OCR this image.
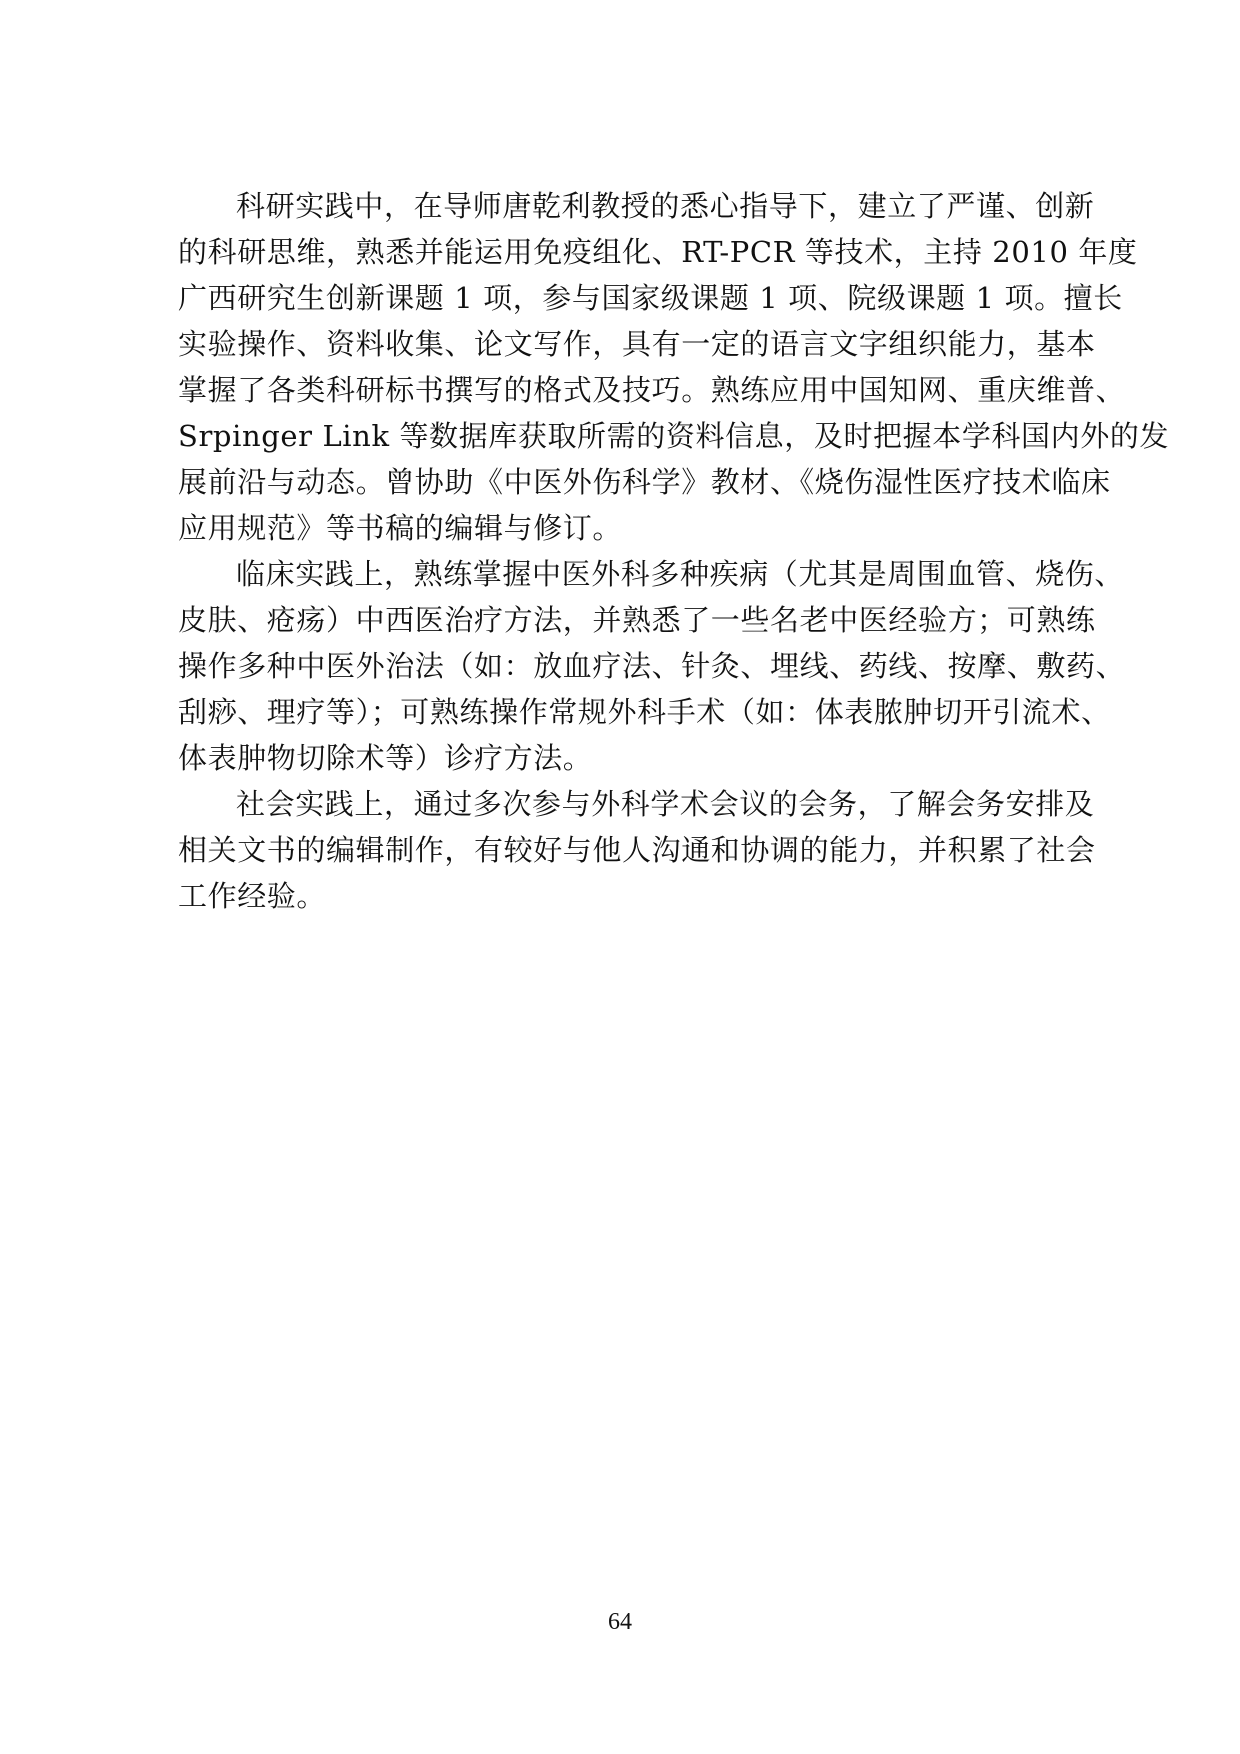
科研实践中，在导师唐乾利教授的悉心指导下，建立了严谨、创新
的科研思维，熟悉并能运用免疫组化、RT-PCR 等技术，主持 2010 年度
广西研究生创新课题 1 项，参与国家级课题 1 项、院级课题 1 项。擅长
实验操作、资料收集、论文写作，具有一定的语言文字组织能力，基本
掌握了各类科研标书撰写的格式及技巧。熟练应用中国知网、重庆维普、
Srpinger Link 等数据库获取所需的资料信息，及时把握本学科国内外的发
展前沿与动态。曾协助《中医外伤科学》教材、《烧伤湿性医疗技术临床
应用规范》等书稿的编辑与修订。
临床实践上，熟练掌握中医外科多种疾病（尤其是周围血管、烧伤、
皮肤、疮疡）中西医治疗方法，并熟悉了一些名老中医经验方；可熟练
操作多种中医外治法（如：放血疗法、针灸、埋线、药线、按摩、敷药、
刮痧、理疗等）；可熟练操作常规外科手术（如：体表脓肿切开引流术、
体表肿物切除术等）诊疗方法。
社会实践上，通过多次参与外科学术会议的会务，了解会务安排及
相关文书的编辑制作，有较好与他人沟通和协调的能力，并积累了社会
工作经验。
64
